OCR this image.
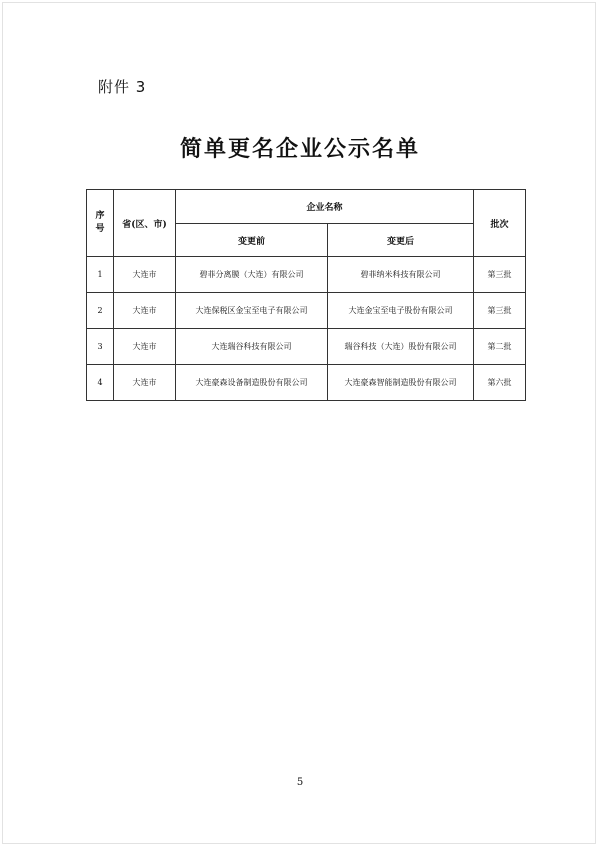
附件 3
简单更名企业公示名单
序
号	省(区、市)	企业名称		批次
		变更前	变更后	
1	大连市	碧菲分离膜（大连）有限公司	碧菲纳米科技有限公司	第三批
2	大连市	大连保税区金宝至电子有限公司	大连金宝至电子股份有限公司	第三批
3	大连市	大连瑞谷科技有限公司	瑞谷科技（大连）股份有限公司	第二批
4	大连市	大连豪森设备制造股份有限公司	大连豪森智能制造股份有限公司	第六批
5
